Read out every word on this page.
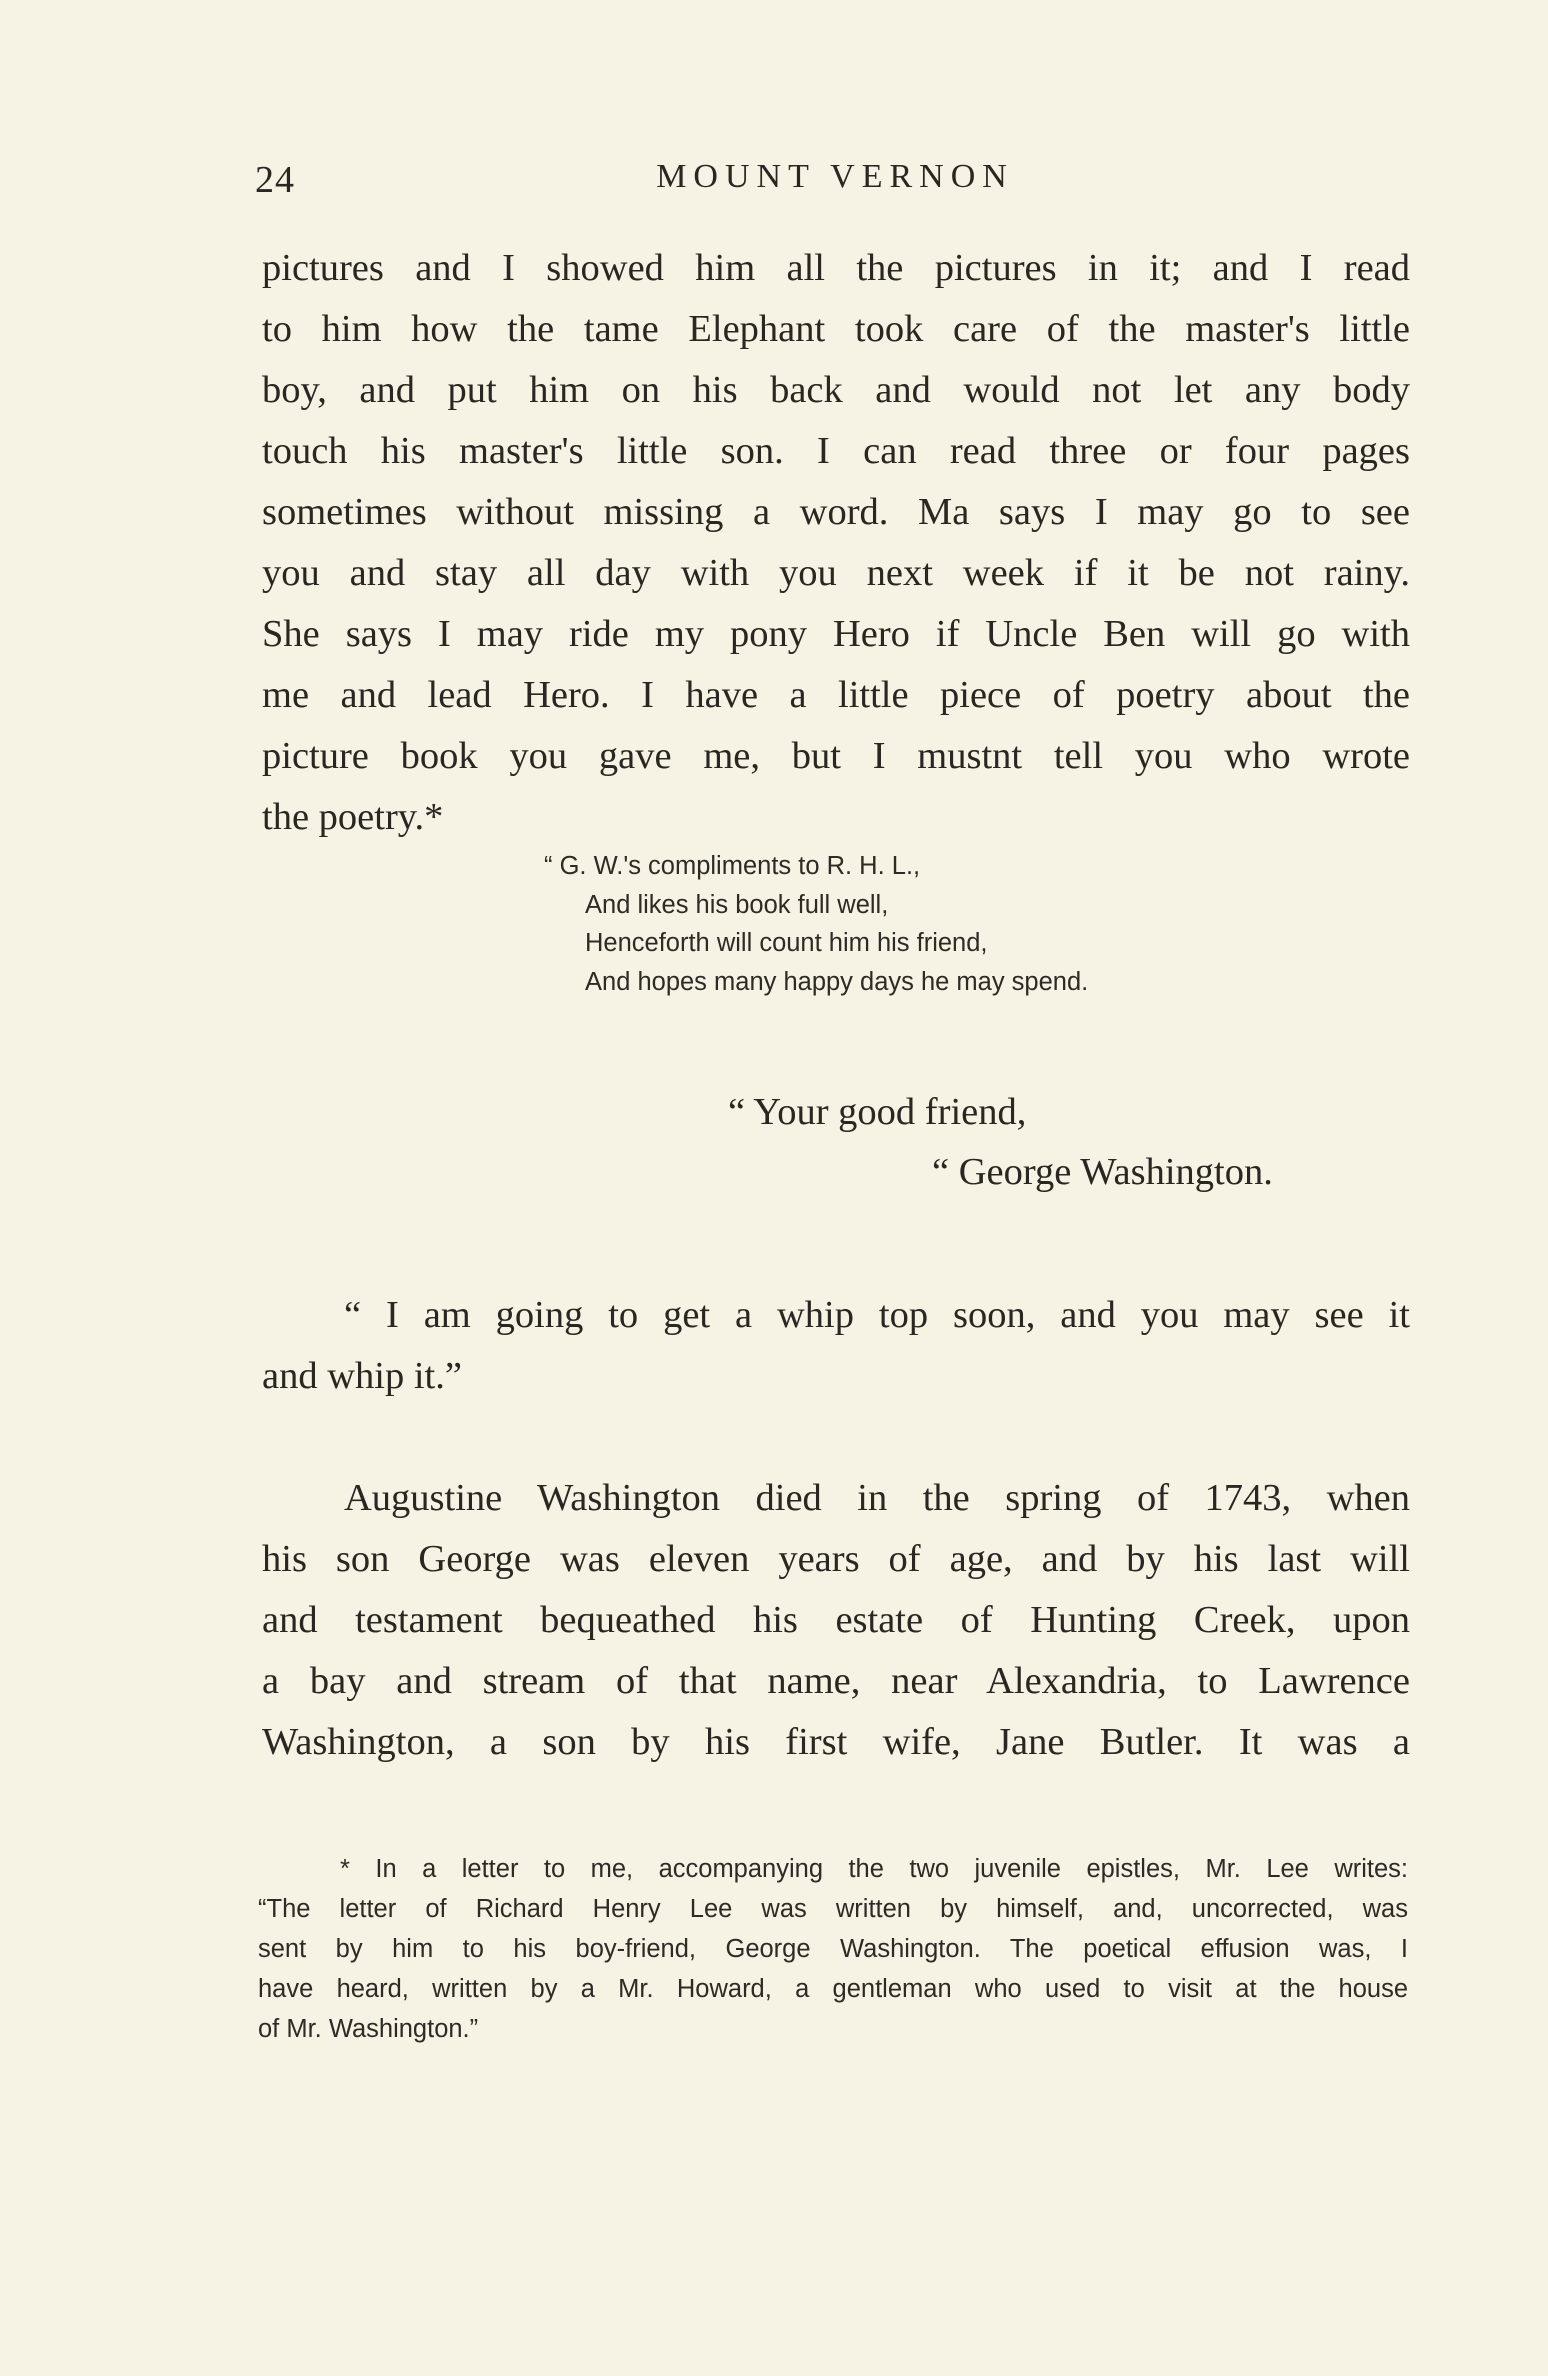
24	MOUNT VERNON
pictures and I showed him all the pictures in it; and I read
to him how the tame Elephant took care of the master's little
boy, and put him on his back and would not let any body
touch his master's little son. I can read three or four pages
sometimes without missing a word. Ma says I may go to see
you and stay all day with you next week if it be not rainy.
She says I may ride my pony Hero if Uncle Ben will go with
me and lead Hero. I have a little piece of poetry about the
picture book you gave me, but I mustnt tell you who wrote
the poetry.*
“ G. W.'s compliments to R. H. L.,
And likes his book full well,
Henceforth will count him his friend,
And hopes many happy days he may spend.
“ Your good friend,
“ George Washington.
“ I am going to get a whip top soon, and you may see it
and whip it.”
Augustine Washington died in the spring of 1743, when
his son George was eleven years of age, and by his last will
and testament bequeathed his estate of Hunting Creek, upon
a bay and stream of that name, near Alexandria, to Lawrence
Washington, a son by his first wife, Jane Butler. It was a
* In a letter to me, accompanying the two juvenile epistles, Mr. Lee writes:
“The letter of Richard Henry Lee was written by himself, and, uncorrected, was
sent by him to his boy-friend, George Washington. The poetical effusion was, I
have heard, written by a Mr. Howard, a gentleman who used to visit at the house
of Mr. Washington.”
